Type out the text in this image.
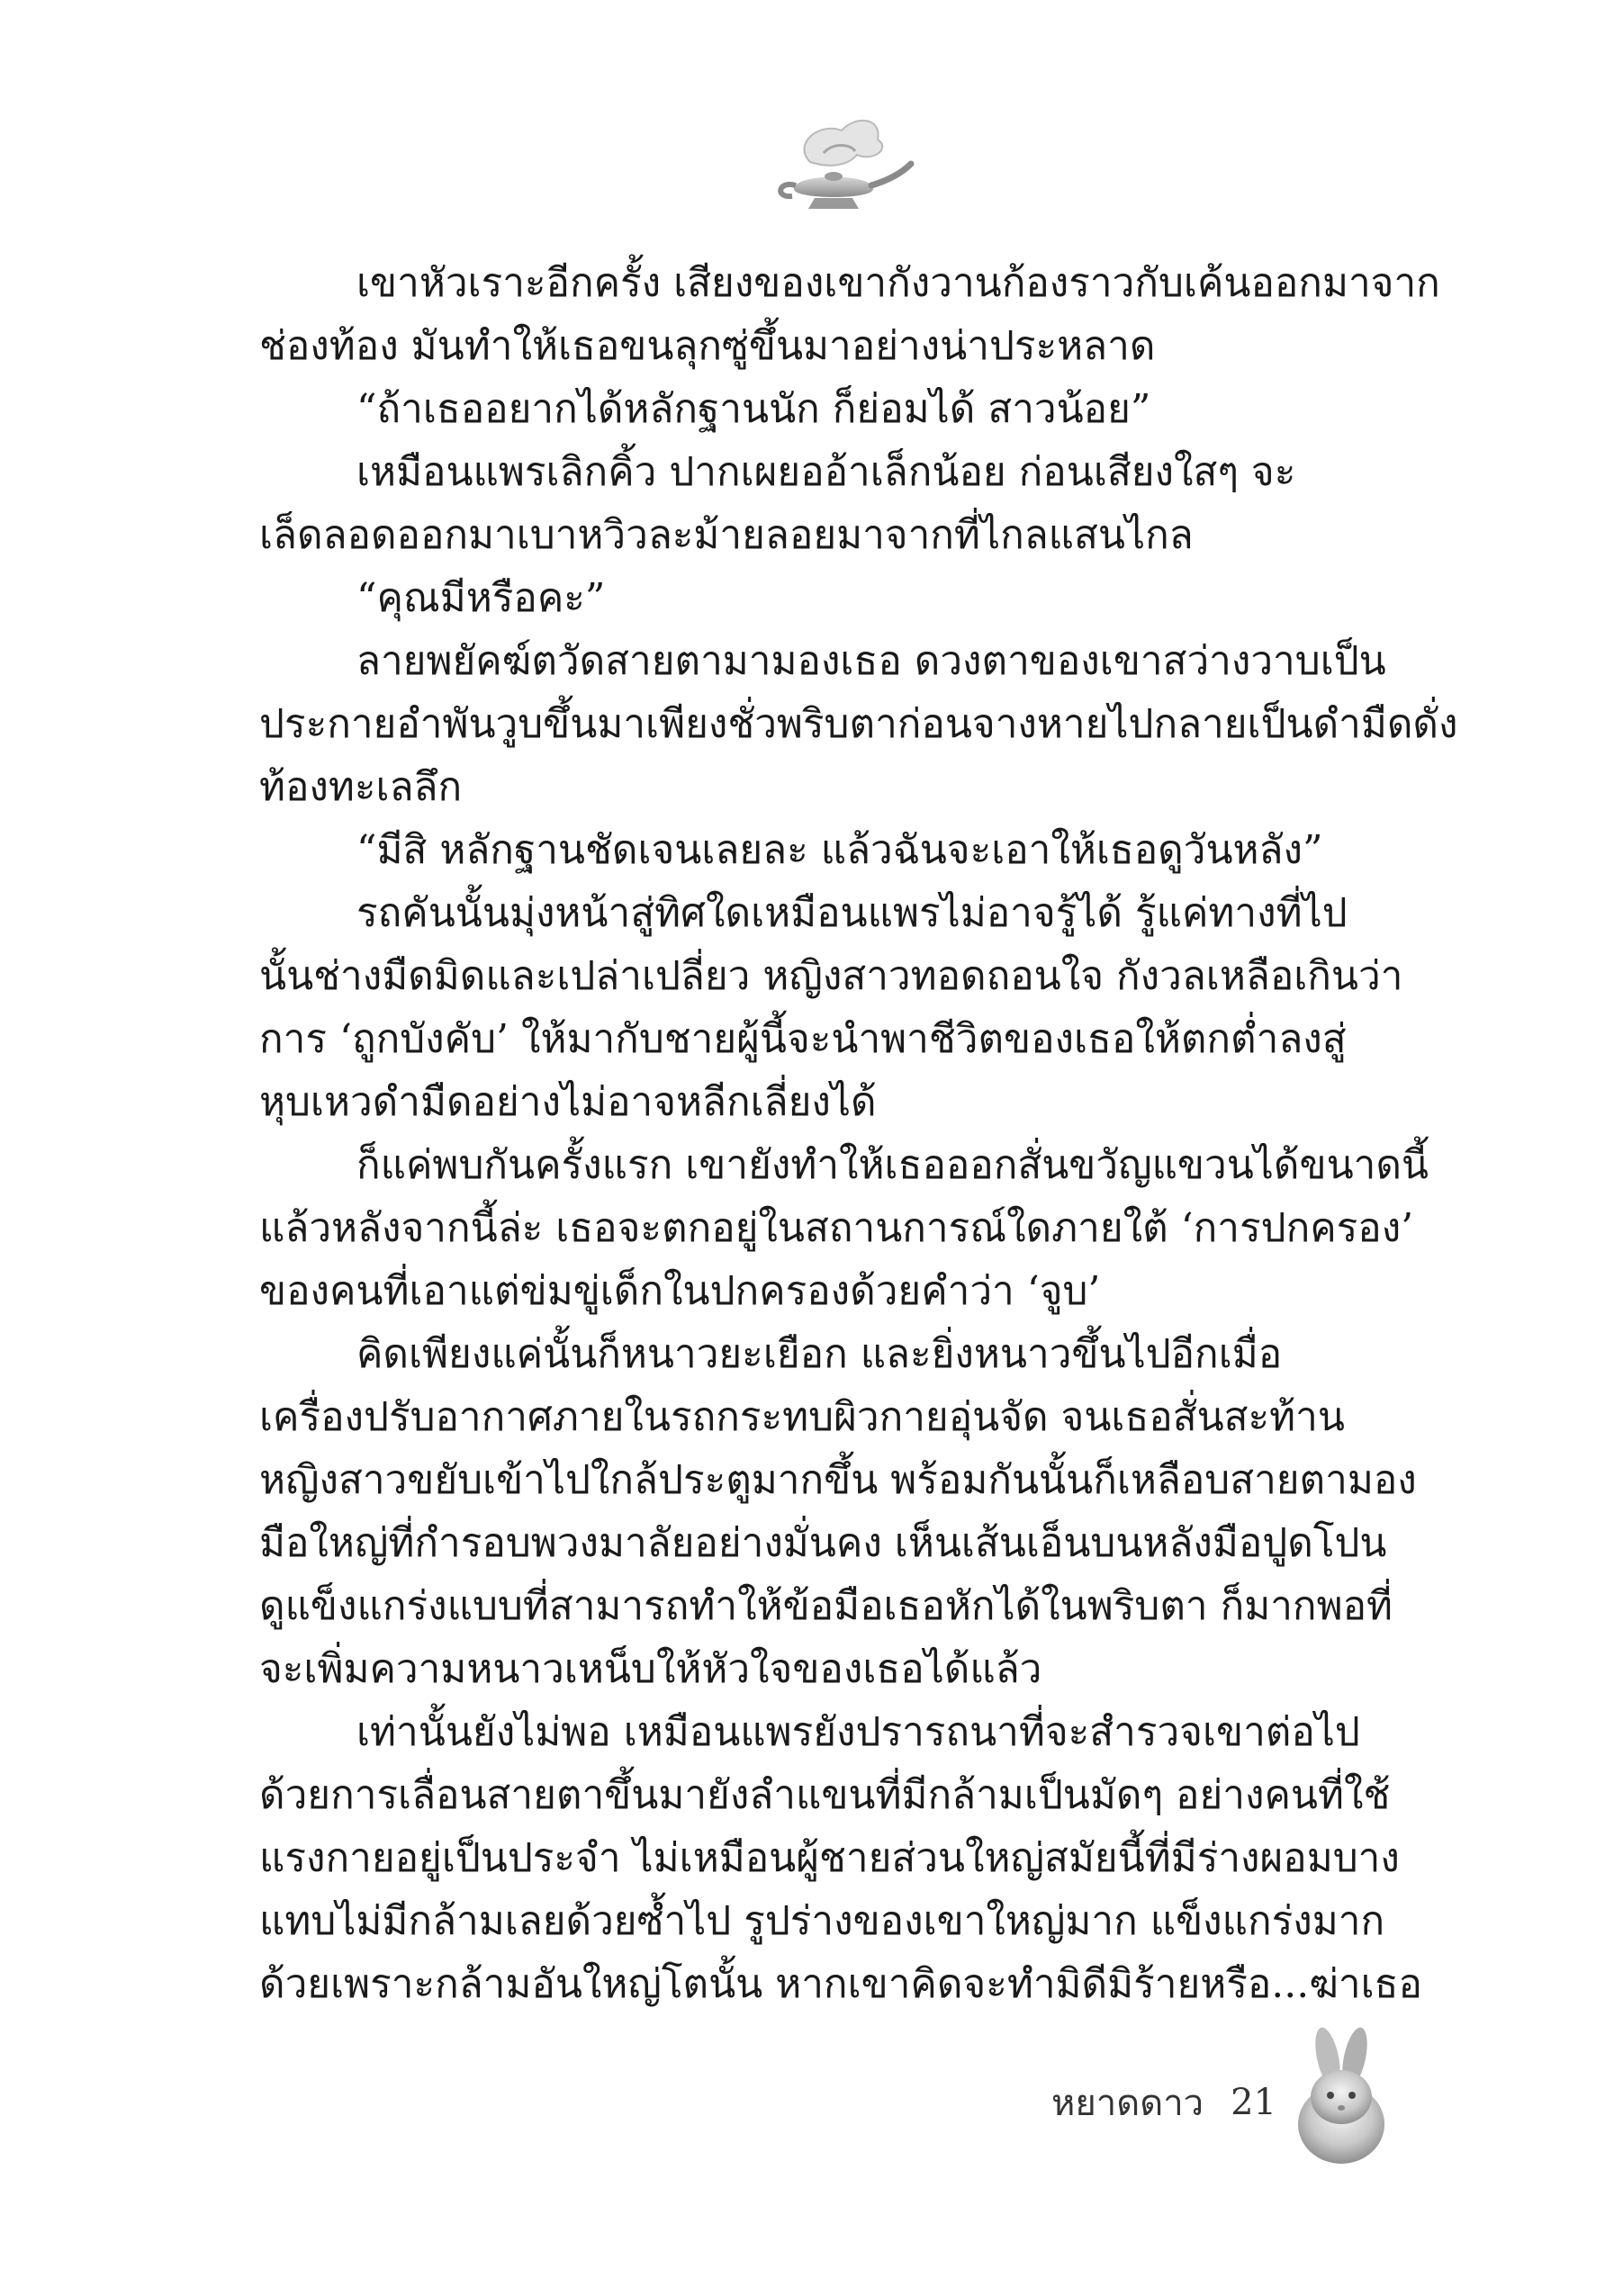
เขาหัวเราะอีกครั้ง เสียงของเขากังวานก้องราวกับเค้นออกมาจาก
ช่องท้อง มันทำให้เธอขนลุกซู่ขึ้นมาอย่างน่าประหลาด
“ถ้าเธออยากได้หลักฐานนัก ก็ย่อมได้ สาวน้อย”
เหมือนแพรเลิกคิ้ว ปากเผยออ้าเล็กน้อย ก่อนเสียงใสๆ จะ
เล็ดลอดออกมาเบาหวิวละม้ายลอยมาจากที่ไกลแสนไกล
“คุณมีหรือคะ”
ลายพยัคฆ์ตวัดสายตามามองเธอ ดวงตาของเขาสว่างวาบเป็น
ประกายอำพันวูบขึ้นมาเพียงชั่วพริบตาก่อนจางหายไปกลายเป็นดำมืดดั่ง
ท้องทะเลลึก
“มีสิ หลักฐานชัดเจนเลยละ แล้วฉันจะเอาให้เธอดูวันหลัง”
รถคันนั้นมุ่งหน้าสู่ทิศใดเหมือนแพรไม่อาจรู้ได้ รู้แค่ทางที่ไป
นั้นช่างมืดมิดและเปล่าเปลี่ยว หญิงสาวทอดถอนใจ กังวลเหลือเกินว่า
การ ‘ถูกบังคับ’ ให้มากับชายผู้นี้จะนำพาชีวิตของเธอให้ตกต่ำลงสู่
หุบเหวดำมืดอย่างไม่อาจหลีกเลี่ยงได้
ก็แค่พบกันครั้งแรก เขายังทำให้เธอออกสั่นขวัญแขวนได้ขนาดนี้
แล้วหลังจากนี้ล่ะ เธอจะตกอยู่ในสถานการณ์ใดภายใต้ ‘การปกครอง’
ของคนที่เอาแต่ข่มขู่เด็กในปกครองด้วยคำว่า ‘จูบ’
คิดเพียงแค่นั้นก็หนาวยะเยือก และยิ่งหนาวขึ้นไปอีกเมื่อ
เครื่องปรับอากาศภายในรถกระทบผิวกายอุ่นจัด จนเธอสั่นสะท้าน
หญิงสาวขยับเข้าไปใกล้ประตูมากขึ้น พร้อมกันนั้นก็เหลือบสายตามอง
มือใหญ่ที่กำรอบพวงมาลัยอย่างมั่นคง เห็นเส้นเอ็นบนหลังมือปูดโปน
ดูแข็งแกร่งแบบที่สามารถทำให้ข้อมือเธอหักได้ในพริบตา ก็มากพอที่
จะเพิ่มความหนาวเหน็บให้หัวใจของเธอได้แล้ว
เท่านั้นยังไม่พอ เหมือนแพรยังปรารถนาที่จะสำรวจเขาต่อไป
ด้วยการเลื่อนสายตาขึ้นมายังลำแขนที่มีกล้ามเป็นมัดๆ อย่างคนที่ใช้
แรงกายอยู่เป็นประจำ ไม่เหมือนผู้ชายส่วนใหญ่สมัยนี้ที่มีร่างผอมบาง
แทบไม่มีกล้ามเลยด้วยซ้ำไป รูปร่างของเขาใหญ่มาก แข็งแกร่งมาก
ด้วยเพราะกล้ามอันใหญ่โตนั้น หากเขาคิดจะทำมิดีมิร้ายหรือ...ฆ่าเธอ
หยาดดาว 21
